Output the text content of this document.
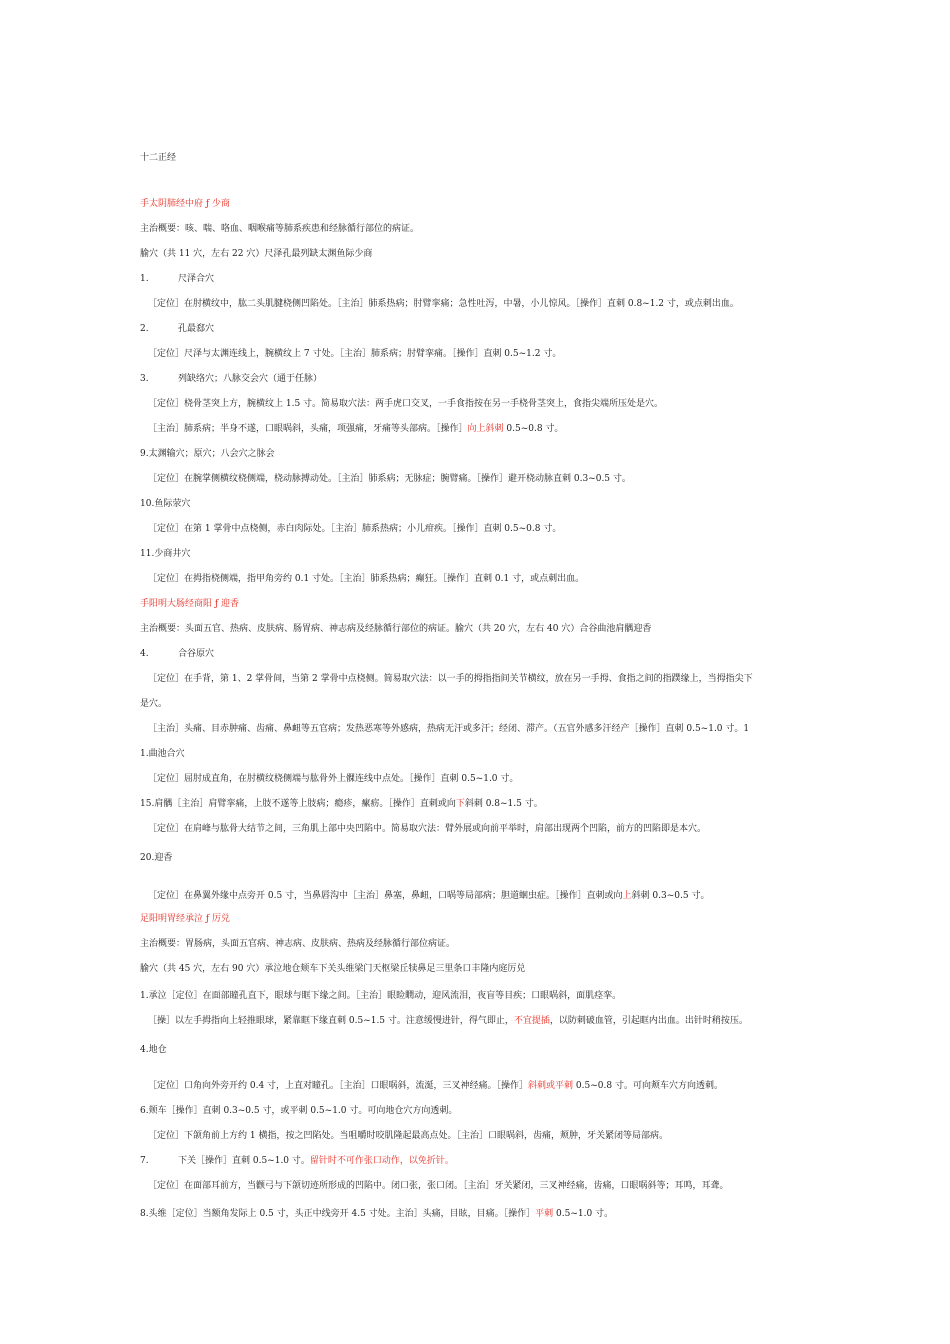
十二正经
手太阴肺经中府 ƒ 少商
主治概要：咳、喘、咯血、咽喉痛等肺系疾患和经脉循行部位的病证。
腧穴（共 11 穴，左右 22 穴）尺泽孔最列缺太渊鱼际少商
1.	尺泽合穴
［定位］在肘横纹中，肱二头肌腱桡侧凹陷处。［主治］肺系热病；肘臂挛痛；急性吐泻，中暑，小儿惊风。［操作］直刺 0.8~1.2 寸，或点刺出血。
2.	孔最郄穴
［定位］尺泽与太渊连线上，腕横纹上 7 寸处。［主治］肺系病；肘臂挛痛。［操作］直刺 0.5~1.2 寸。
3.	列缺络穴；八脉交会穴（通于任脉）
［定位］桡骨茎突上方，腕横纹上 1.5 寸。简易取穴法：两手虎口交叉，一手食指按在另一手桡骨茎突上，食指尖端所压处是穴。
［主治］肺系病；半身不遂，口眼㖞斜，头痛，项强痛，牙痛等头部病。［操作］向上斜刺 0.5~0.8 寸。
9.太渊输穴；原穴；八会穴之脉会
［定位］在腕掌侧横纹桡侧端，桡动脉搏动处。［主治］肺系病；无脉症；腕臂痛。［操作］避开桡动脉直刺 0.3~0.5 寸。
10.鱼际荥穴
［定位］在第 1 掌骨中点桡侧，赤白肉际处。［主治］肺系热病；小儿疳疾。［操作］直刺 0.5~0.8 寸。
11.少商井穴
［定位］在拇指桡侧端，指甲角旁约 0.1 寸处。［主治］肺系热病；癫狂。［操作］直刺 0.1 寸，或点刺出血。
手阳明大肠经商阳 ƒ 迎香
主治概要：头面五官、热病、皮肤病、肠胃病、神志病及经脉循行部位的病证。腧穴（共 20 穴，左右 40 穴）合谷曲池肩髃迎香
4.	合谷原穴
［定位］在手背，第 1、2 掌骨间，当第 2 掌骨中点桡侧。简易取穴法：以一手的拇指指间关节横纹，放在另一手拇、食指之间的指蹼缘上，当拇指尖下
是穴。
［主治］头痛、目赤肿痛、齿痛、鼻衄等五官病；发热恶寒等外感病，热病无汗或多汗；经闭、滞产。（五官外感多汗经产［操作］直刺 0.5~1.0 寸。1
1.曲池合穴
［定位］屈肘成直角，在肘横纹桡侧端与肱骨外上髁连线中点处。［操作］直刺 0.5~1.0 寸。
15.肩髃［主治］肩臂挛痛，上肢不遂等上肢病；瘾疹，瘰疬。［操作］直刺或向下斜刺 0.8~1.5 寸。
［定位］在肩峰与肱骨大结节之间，三角肌上部中央凹陷中。简易取穴法：臂外展或向前平举时，肩部出现两个凹陷，前方的凹陷即是本穴。
20.迎香
［定位］在鼻翼外缘中点旁开 0.5 寸，当鼻唇沟中［主治］鼻塞，鼻衄，口㖞等局部病；胆道蛔虫症。［操作］直刺或向上斜刺 0.3~0.5 寸。
足阳明胃经承泣 ƒ 厉兑
主治概要：胃肠病，头面五官病、神志病、皮肤病、热病及经脉循行部位病证。
腧穴（共 45 穴，左右 90 穴）承泣地仓颊车下关头维梁门天枢梁丘犊鼻足三里条口丰隆内庭厉兑
1.承泣［定位］在面部瞳孔直下，眼球与眶下缘之间。［主治］眼睑瞤动，迎风流泪，夜盲等目疾；口眼㖞斜，面肌痉挛。
［操］以左手拇指向上轻推眼球，紧靠眶下缘直刺 0.5~1.5 寸。注意缓慢进针，得气即止，不宜提插，以防刺破血管，引起眶内出血。出针时稍按压。
4.地仓
［定位］口角向外旁开约 0.4 寸，上直对瞳孔。［主治］口眼㖞斜，流涎，三叉神经痛。［操作］斜刺或平刺 0.5~0.8 寸。可向颊车穴方向透刺。
6.颊车［操作］直刺 0.3~0.5 寸，或平刺 0.5~1.0 寸。可向地仓穴方向透刺。
［定位］下颌角前上方约 1 横指，按之凹陷处。当咀嚼时咬肌隆起最高点处。［主治］口眼㖞斜，齿痛，颊肿，牙关紧闭等局部病。
7.	下关［操作］直刺 0.5~1.0 寸。留针时不可作张口动作，以免折针。
［定位］在面部耳前方，当颧弓与下颌切迹所形成的凹陷中。闭口张，张口闭。［主治］牙关紧闭，三叉神经痛，齿痛，口眼㖞斜等；耳鸣，耳聋。
8.头维［定位］当额角发际上 0.5 寸，头正中线旁开 4.5 寸处。主治］头痛，目眩，目痛。［操作］平刺 0.5~1.0 寸。
